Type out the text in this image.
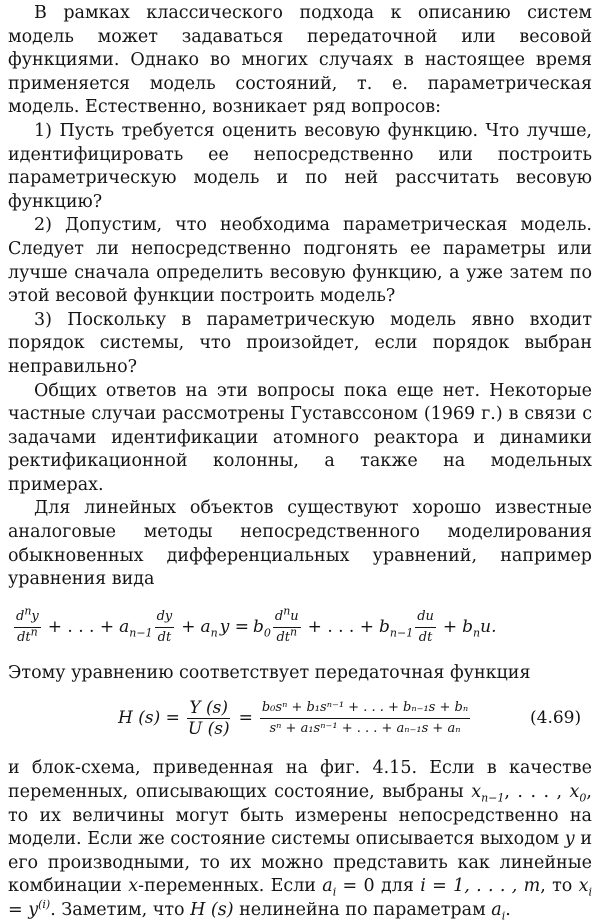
В рамках классического подхода к описанию систем модель может задаваться передаточной или весовой функциями. Однако во многих случаях в настоящее время применяется модель состояний, т. е. параметрическая модель. Естественно, возникает ряд вопросов:

1) Пусть требуется оценить весовую функцию. Что лучше, идентифицировать ее непосредственно или построить параметрическую модель и по ней рассчитать весовую функцию?

2) Допустим, что необходима параметрическая модель. Следует ли непосредственно подгонять ее параметры или лучше сначала определить весовую функцию, а уже затем по этой весовой функции построить модель?

3) Поскольку в параметрическую модель явно входит порядок системы, что произойдет, если порядок выбран неправильно?

Общих ответов на эти вопросы пока еще нет. Некоторые частные случаи рассмотрены Густавссоном (1969 г.) в связи с задачами идентификации атомного реактора и динамики ректификационной колонны, а также на модельных примерах.

Для линейных объектов существуют хорошо известные аналоговые методы непосредственного моделирования обыкновенных дифференциальных уравнений, например уравнения вида

$\frac{d^ny}{dt^n}$ + . . . + $a_{n-1} \frac{dy}{dt} + a_n$ $y = b_0 \frac{d^nu}{dt^n}$ + . . . + $b_{n-1} \frac{du}{dt} + b_n$ u.

Этому уравнению соответствует передаточная функция

H $(s) = \frac{Y (s)}{U (s)} = \frac{\text{b₀sⁿ + b₁sⁿ⁻¹ + . . . + bₙ₋₁s + bₙ}}{\text{sⁿ + a₁sⁿ⁻¹ + . . . + aₙ₋₁s + aₙ}}$	(4.69)

и блок-схема, приведенная на фиг. 4.15. Если в качестве переменных, описывающих состояние, выбраны $x_{n-1}$, . . . , $x_0$, то их величины могут быть измерены непосредственно на модели. Если же состояние системы описывается выходом y и его производными, то их можно представить как линейные комбинации x-переменных. Если $a_i = 0$ для i = 1, . . . , m, то $x_i = y^{(i)}$. Заметим, что H (s) нелинейна по параметрам $a_i$.
